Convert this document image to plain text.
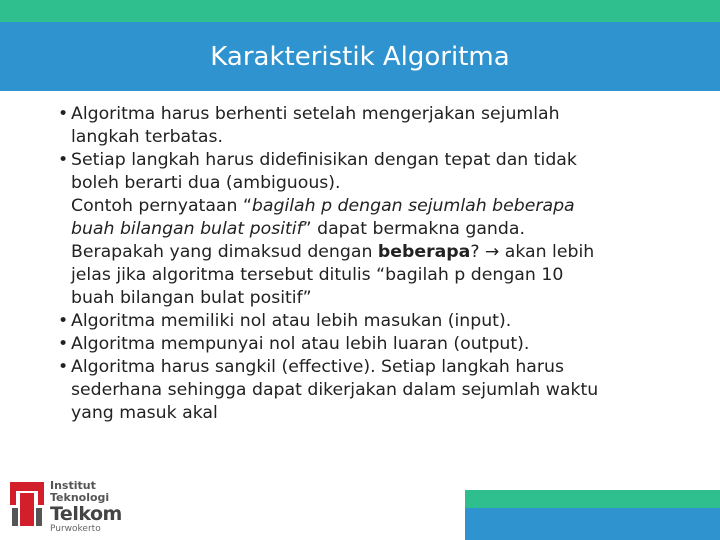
Karakteristik Algoritma
• Algoritma harus berhenti setelah mengerjakan sejumlah
langkah terbatas.
• Setiap langkah harus didefinisikan dengan tepat dan tidak
boleh berarti dua (ambiguous).
Contoh pernyataan “bagilah p dengan sejumlah beberapa
buah bilangan bulat positif” dapat bermakna ganda.
Berapakah yang dimaksud dengan beberapa? → akan lebih
jelas jika algoritma tersebut ditulis “bagilah p dengan 10
buah bilangan bulat positif”
• Algoritma memiliki nol atau lebih masukan (input).
• Algoritma mempunyai nol atau lebih luaran (output).
• Algoritma harus sangkil (effective). Setiap langkah harus
sederhana sehingga dapat dikerjakan dalam sejumlah waktu
yang masuk akal
Institut
Teknologi
Telkom
Purwokerto
